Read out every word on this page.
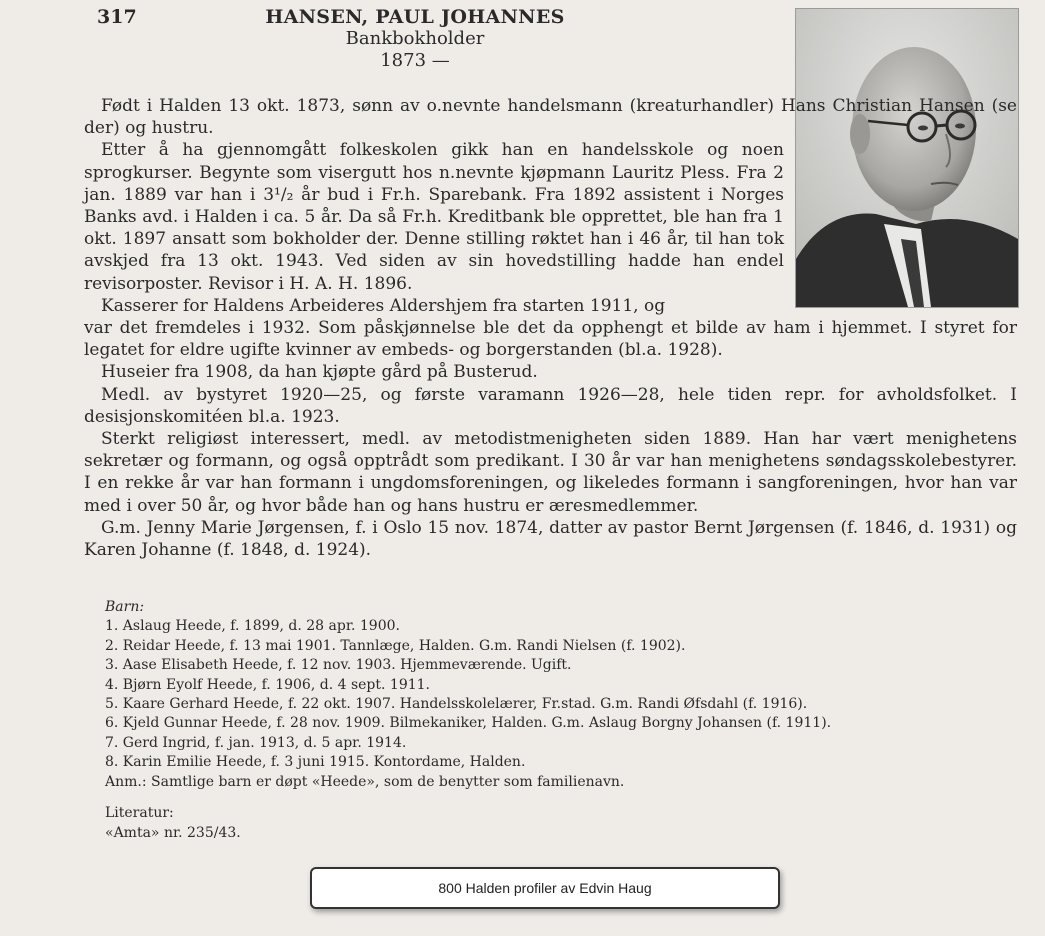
317	HANSEN, PAUL JOHANNES
Bankbokholder
1873 —

Født i Halden 13 okt. 1873, sønn av o.nevnte handelsmann (kreaturhandler) Hans Christian Hansen (se der) og hustru.

Etter å ha gjennomgått folkeskolen gikk han en handelsskole og noen sprogkurser. Begynte som visergutt hos n.nevnte kjøpmann Lauritz Pless. Fra 2 jan. 1889 var han i 3¹/₂ år bud i Fr.h. Sparebank. Fra 1892 assistent i Norges Banks avd. i Halden i ca. 5 år. Da så Fr.h. Kreditbank ble opprettet, ble han fra 1 okt. 1897 ansatt som bokholder der. Denne stilling røktet han i 46 år, til han tok avskjed fra 13 okt. 1943. Ved siden av sin hovedstilling hadde han endel revisorposter. Revisor i H. A. H. 1896.

Kasserer for Haldens Arbeideres Aldershjem fra starten 1911, og

var det fremdeles i 1932. Som påskjønnelse ble det da opphengt et bilde av ham i hjemmet. I styret for legatet for eldre ugifte kvinner av embeds- og borgerstanden (bl.a. 1928).

Huseier fra 1908, da han kjøpte gård på Busterud.

Medl. av bystyret 1920—25, og første varamann 1926—28, hele tiden repr. for avholdsfolket. I desisjonskomitéen bl.a. 1923.

Sterkt religiøst interessert, medl. av metodistmenigheten siden 1889. Han har vært menighetens sekretær og formann, og også opptrådt som predikant. I 30 år var han menighetens søndagsskolebestyrer. I en rekke år var han formann i ungdomsforeningen, og likeledes formann i sangforeningen, hvor han var med i over 50 år, og hvor både han og hans hustru er æresmedlemmer.

G.m. Jenny Marie Jørgensen, f. i Oslo 15 nov. 1874, datter av pastor Bernt Jørgensen (f. 1846, d. 1931) og Karen Johanne (f. 1848, d. 1924).

Barn:
1. Aslaug Heede, f. 1899, d. 28 apr. 1900.
2. Reidar Heede, f. 13 mai 1901. Tannlæge, Halden. G.m. Randi Nielsen (f. 1902).
3. Aase Elisabeth Heede, f. 12 nov. 1903. Hjemmeværende. Ugift.
4. Bjørn Eyolf Heede, f. 1906, d. 4 sept. 1911.
5. Kaare Gerhard Heede, f. 22 okt. 1907. Handelsskolelærer, Fr.stad. G.m. Randi Øfsdahl (f. 1916).
6. Kjeld Gunnar Heede, f. 28 nov. 1909. Bilmekaniker, Halden. G.m. Aslaug Borgny Johansen (f. 1911).
7. Gerd Ingrid, f. jan. 1913, d. 5 apr. 1914.
8. Karin Emilie Heede, f. 3 juni 1915. Kontordame, Halden.
Anm.: Samtlige barn er døpt «Heede», som de benytter som familienavn.
Literatur:
«Amta» nr. 235/43.
800 Halden profiler av Edvin Haug
